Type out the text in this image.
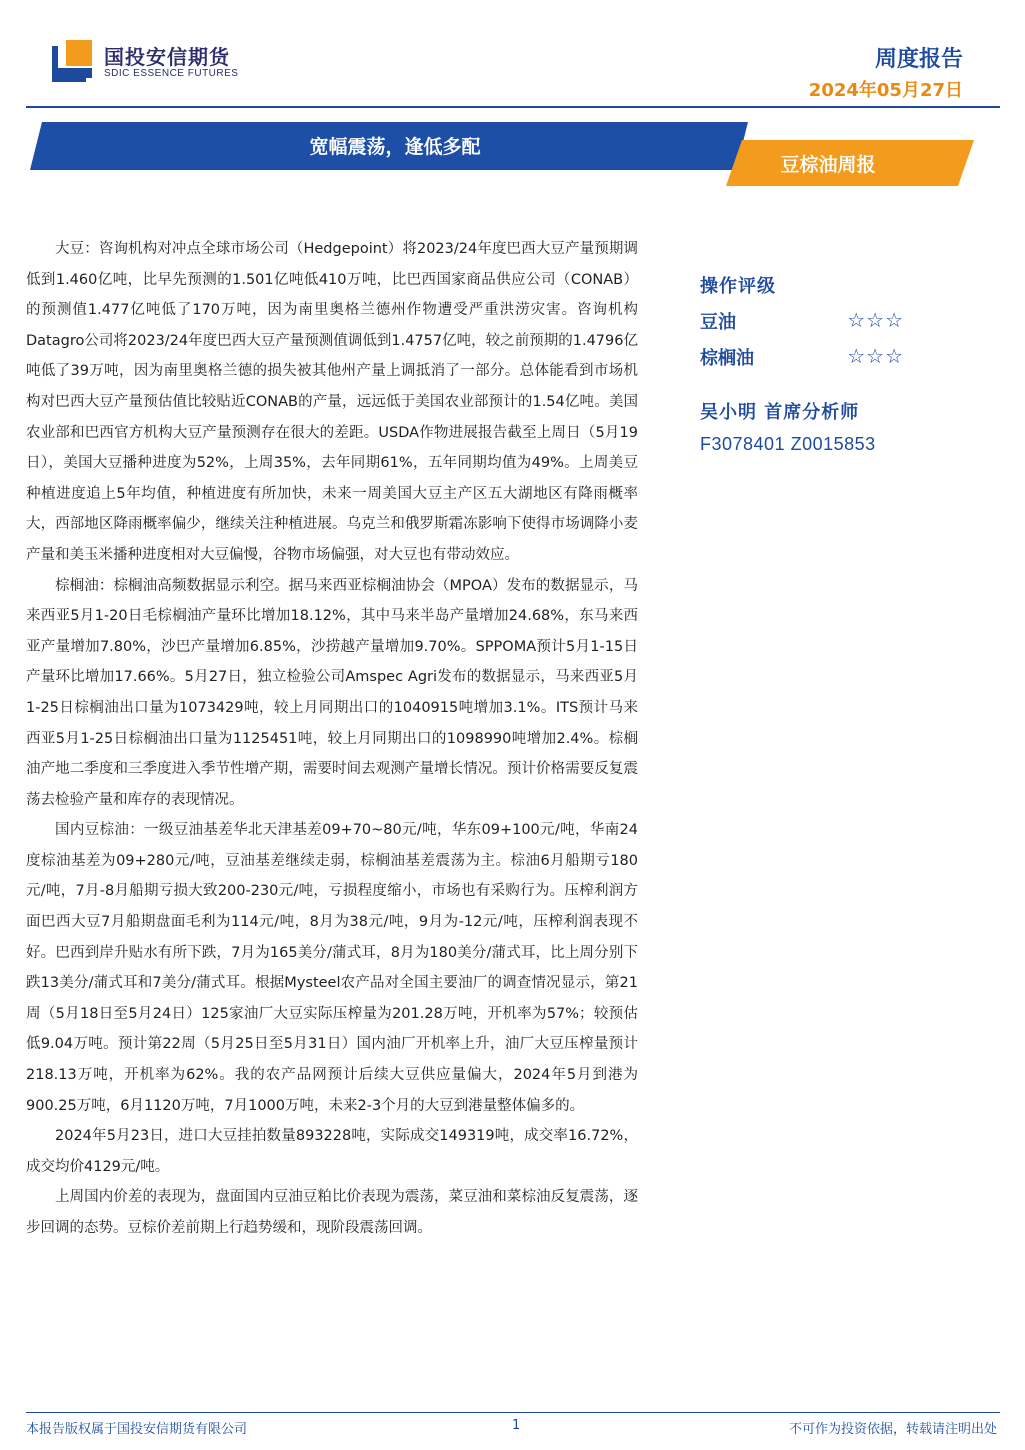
国投安信期货
SDIC ESSENCE FUTURES
周度报告
2024年05月27日
宽幅震荡，逢低多配
豆棕油周报

大豆：咨询机构对冲点全球市场公司（Hedgepoint）将2023/24年度巴西大豆产量预期调低到1.460亿吨，比早先预测的1.501亿吨低410万吨，比巴西国家商品供应公司（CONAB）的预测值1.477亿吨低了170万吨，因为南里奥格兰德州作物遭受严重洪涝灾害。咨询机构Datagro公司将2023/24年度巴西大豆产量预测值调低到1.4757亿吨，较之前预期的1.4796亿吨低了39万吨，因为南里奥格兰德的损失被其他州产量上调抵消了一部分。总体能看到市场机构对巴西大豆产量预估值比较贴近CONAB的产量，远远低于美国农业部预计的1.54亿吨。美国农业部和巴西官方机构大豆产量预测存在很大的差距。USDA作物进展报告截至上周日（5月19日），美国大豆播种进度为52%，上周35%，去年同期61%，五年同期均值为49%。上周美豆种植进度追上5年均值，种植进度有所加快，未来一周美国大豆主产区五大湖地区有降雨概率大，西部地区降雨概率偏少，继续关注种植进展。乌克兰和俄罗斯霜冻影响下使得市场调降小麦产量和美玉米播种进度相对大豆偏慢，谷物市场偏强，对大豆也有带动效应。

棕榈油：棕榈油高频数据显示利空。据马来西亚棕榈油协会（MPOA）发布的数据显示，马来西亚5月1-20日毛棕榈油产量环比增加18.12%，其中马来半岛产量增加24.68%，东马来西亚产量增加7.80%，沙巴产量增加6.85%，沙捞越产量增加9.70%。SPPOMA预计5月1-15日产量环比增加17.66%。5月27日，独立检验公司Amspec Agri发布的数据显示，马来西亚5月1-25日棕榈油出口量为1073429吨，较上月同期出口的1040915吨增加3.1%。ITS预计马来西亚5月1-25日棕榈油出口量为1125451吨，较上月同期出口的1098990吨增加2.4%。棕榈油产地二季度和三季度进入季节性增产期，需要时间去观测产量增长情况。预计价格需要反复震荡去检验产量和库存的表现情况。

国内豆棕油：一级豆油基差华北天津基差09+70~80元/吨，华东09+100元/吨，华南24度棕油基差为09+280元/吨，豆油基差继续走弱，棕榈油基差震荡为主。棕油6月船期亏180元/吨，7月-8月船期亏损大致200-230元/吨，亏损程度缩小，市场也有采购行为。压榨利润方面巴西大豆7月船期盘面毛利为114元/吨，8月为38元/吨，9月为-12元/吨，压榨利润表现不好。巴西到岸升贴水有所下跌，7月为165美分/蒲式耳，8月为180美分/蒲式耳，比上周分别下跌13美分/蒲式耳和7美分/蒲式耳。根据Mysteel农产品对全国主要油厂的调查情况显示，第21周（5月18日至5月24日）125家油厂大豆实际压榨量为201.28万吨，开机率为57%；较预估低9.04万吨。预计第22周（5月25日至5月31日）国内油厂开机率上升，油厂大豆压榨量预计218.13万吨，开机率为62%。我的农产品网预计后续大豆供应量偏大，2024年5月到港为900.25万吨，6月1120万吨，7月1000万吨，未来2-3个月的大豆到港量整体偏多的。

2024年5月23日，进口大豆挂拍数量893228吨，实际成交149319吨，成交率16.72%，成交均价4129元/吨。

上周国内价差的表现为，盘面国内豆油豆粕比价表现为震荡，菜豆油和菜棕油反复震荡，逐步回调的态势。豆棕价差前期上行趋势缓和，现阶段震荡回调。

操作评级
豆油	☆☆☆
棕榈油	☆☆☆
吴小明 首席分析师
F3078401 Z0015853
本报告版权属于国投安信期货有限公司	1	不可作为投资依据，转载请注明出处
